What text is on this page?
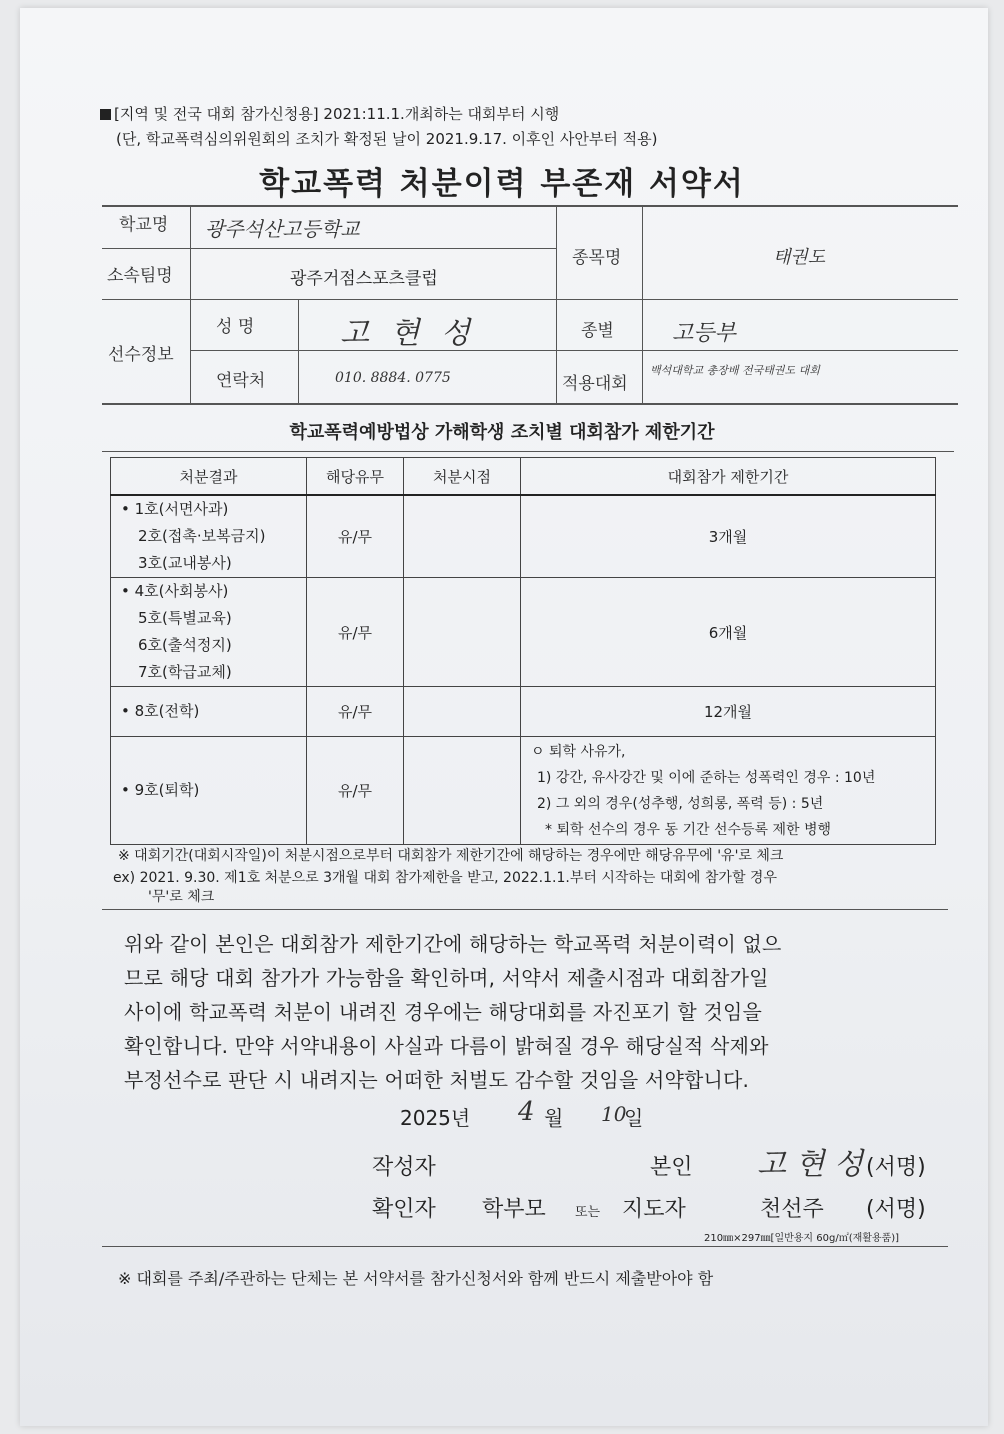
[지역 및 전국 대회 참가신청용] 2021:11.1.개최하는 대회부터 시행
(단, 학교폭력심의위원회의 조치가 확정된 날이 2021.9.17. 이후인 사안부터 적용)
학교폭력 처분이력 부존재 서약서
학교명 광주석산고등학교
소속팀명	광주거점스포츠클럽
종목명	태권도
선수정보
성 명	고 현 성
연락처	010. 8884. 0775
종별	고등부
적용대회
백석대학교 총장배 전국태권도 대회
학교폭력예방법상 가해학생 조치별 대회참가 제한기간
처분결과	해당유무	처분시점	대회참가 제한기간

• 1호(서면사과)
2호(접촉·보복금지)
3호(교내봉사)	유/무		3개월

• 4호(사회봉사)
5호(특별교육)
6호(출석정지)
7호(학급교체)	유/무		6개월

• 8호(전학)	유/무		12개월

• 9호(퇴학)	유/무		ㅇ 퇴학 사유가,
1) 강간, 유사강간 및 이에 준하는 성폭력인 경우 : 10년
2) 그 외의 경우(성추행, 성희롱, 폭력 등) : 5년
* 퇴학 선수의 경우 동 기간 선수등록 제한 병행
※ 대회기간(대회시작일)이 처분시점으로부터 대회참가 제한기간에 해당하는 경우에만 해당유무에 '유'로 체크
ex) 2021. 9.30. 제1호 처분으로 3개월 대회 참가제한을 받고, 2022.1.1.부터 시작하는 대회에 참가할 경우
'무'로 체크
위와 같이 본인은 대회참가 제한기간에 해당하는 학교폭력 처분이력이 없으
므로 해당 대회 참가가 가능함을 확인하며, 서약서 제출시점과 대회참가일
사이에 학교폭력 처분이 내려진 경우에는 해당대회를 자진포기 할 것임을
확인합니다. 만약 서약내용이 사실과 다름이 밝혀질 경우 해당실적 삭제와
부정선수로 판단 시 내려지는 어떠한 처벌도 감수할 것임을 서약합니다.
2025년 4 월 10
일
작성자	본인 고 현 성 (서명)
확인자 학부모 또는 지도자	천선주 (서명)
210㎜×297㎜[일반용지 60g/㎡(재활용품)]
※ 대회를 주최/주관하는 단체는 본 서약서를 참가신청서와 함께 반드시 제출받아야 함
